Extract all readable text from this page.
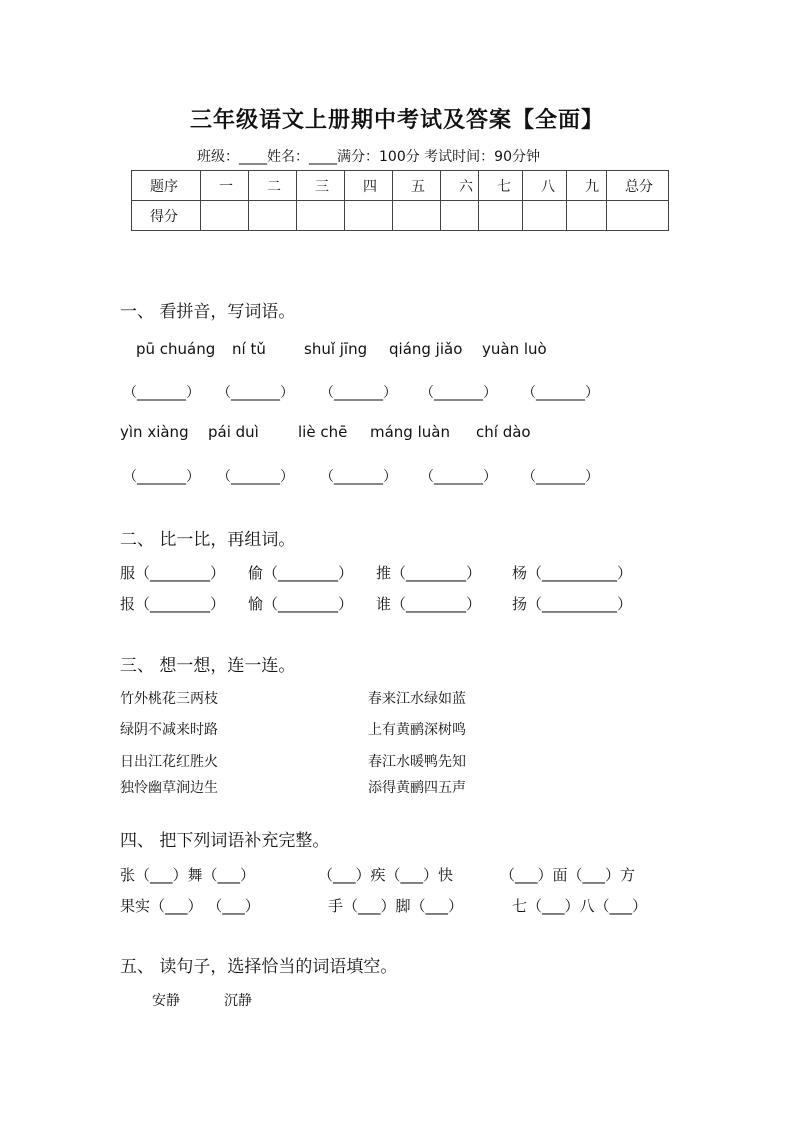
三年级语文上册期中考试及答案【全面】
班级：____姓名：____满分：100分 考试时间：90分钟
题序	一	二	三	四	五	六	七	八	九	总分
得分										
一、 看拼音，写词语。
pū chuáng ní tǔ	shuǐ jīng qiáng jiǎo yuàn luò
（_______） （_______） （_______） （_______） （_______）
yìn xiàng pái duì	liè chē máng luàn chí dào
（_______） （_______） （_______） （_______） （_______）
二、 比一比，再组词。
服（________） 偷（________） 推（________） 杨（__________）
报（________） 愉（________） 谁（________） 扬（__________）
三、 想一想，连一连。
竹外桃花三两枝
绿阴不减来时路
日出江花红胜火
独怜幽草涧边生
春来江水绿如蓝
上有黄鹂深树鸣
春江水暖鸭先知
添得黄鹂四五声
四、 把下列词语补充完整。
张（___）舞（___）	（___）疾（___）快	（___）面（___）方
果实（___） （___）	手（___）脚（___）	七（___）八（___）
五、 读句子，选择恰当的词语填空。
安静	沉静
